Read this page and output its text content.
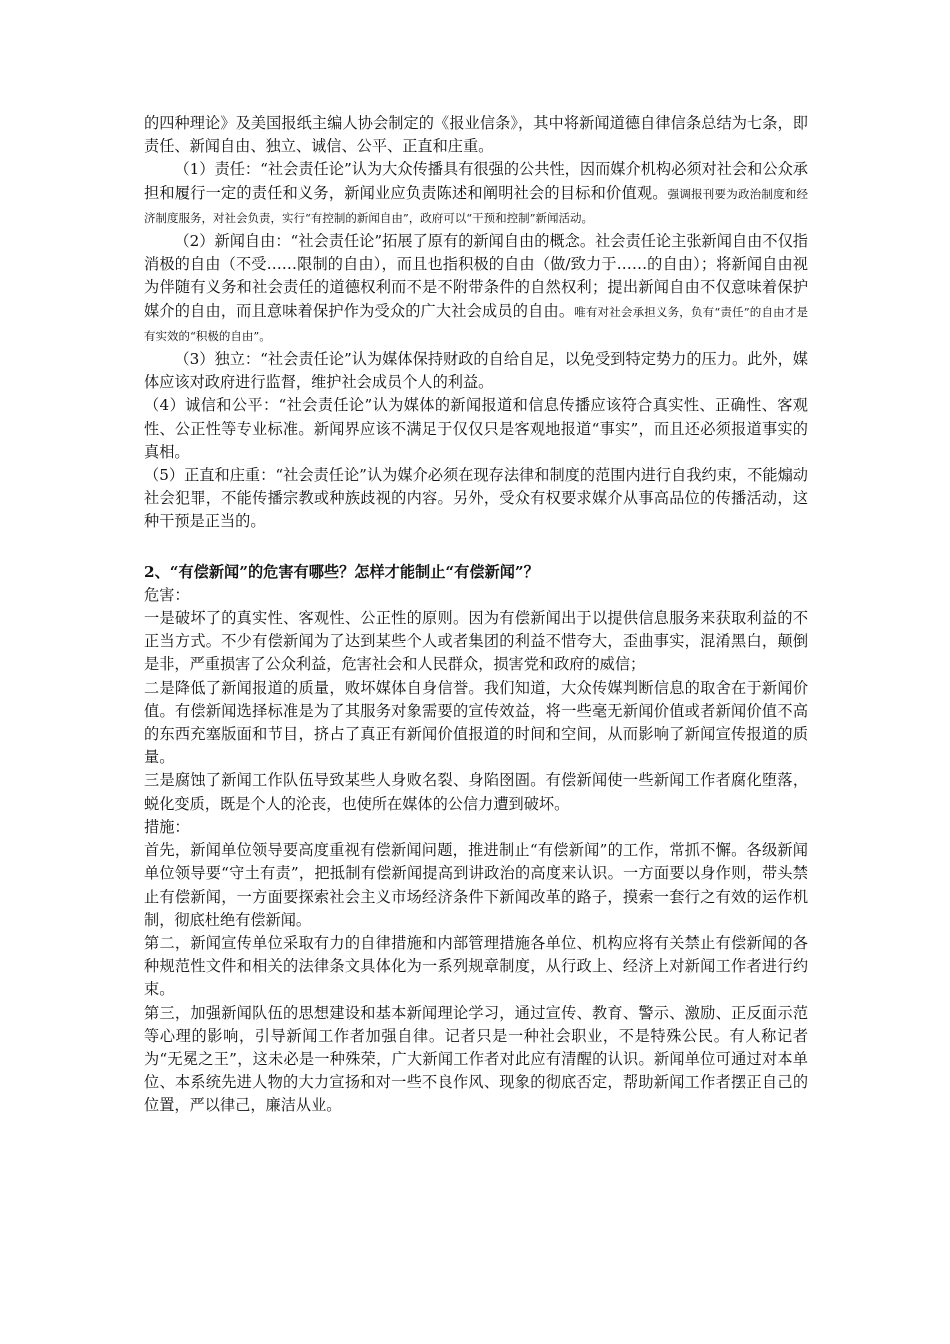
的四种理论》及美国报纸主编人协会制定的《报业信条》，其中将新闻道德自律信条总结为七条，即责任、新闻自由、独立、诚信、公平、正直和庄重。

（1）责任：“社会责任论”认为大众传播具有很强的公共性，因而媒介机构必须对社会和公众承担和履行一定的责任和义务，新闻业应负责陈述和阐明社会的目标和价值观。强调报刊要为政治制度和经济制度服务，对社会负责，实行“有控制的新闻自由”，政府可以“干预和控制”新闻活动。

（2）新闻自由：“社会责任论”拓展了原有的新闻自由的概念。社会责任论主张新闻自由不仅指消极的自由（不受……限制的自由），而且也指积极的自由（做/致力于……的自由）；将新闻自由视为伴随有义务和社会责任的道德权利而不是不附带条件的自然权利；提出新闻自由不仅意味着保护媒介的自由，而且意味着保护作为受众的广大社会成员的自由。唯有对社会承担义务，负有“责任”的自由才是有实效的“积极的自由”。

（3）独立：“社会责任论”认为媒体保持财政的自给自足，以免受到特定势力的压力。此外，媒体应该对政府进行监督，维护社会成员个人的利益。

（4）诚信和公平：“社会责任论”认为媒体的新闻报道和信息传播应该符合真实性、正确性、客观性、公正性等专业标准。新闻界应该不满足于仅仅只是客观地报道“事实”，而且还必须报道事实的真相。

（5）正直和庄重：“社会责任论”认为媒介必须在现存法律和制度的范围内进行自我约束，不能煽动社会犯罪，不能传播宗教或种族歧视的内容。另外，受众有权要求媒介从事高品位的传播活动，这种干预是正当的。

2、“有偿新闻”的危害有哪些？怎样才能制止“有偿新闻”？

危害：

一是破坏了的真实性、客观性、公正性的原则。因为有偿新闻出于以提供信息服务来获取利益的不正当方式。不少有偿新闻为了达到某些个人或者集团的利益不惜夸大，歪曲事实，混淆黑白，颠倒是非，严重损害了公众利益，危害社会和人民群众，损害党和政府的威信；

二是降低了新闻报道的质量，败坏媒体自身信誉。我们知道，大众传媒判断信息的取舍在于新闻价值。有偿新闻选择标准是为了其服务对象需要的宣传效益，将一些毫无新闻价值或者新闻价值不高的东西充塞版面和节目，挤占了真正有新闻价值报道的时间和空间，从而影响了新闻宣传报道的质量。

三是腐蚀了新闻工作队伍导致某些人身败名裂、身陷囹圄。有偿新闻使一些新闻工作者腐化堕落，蜕化变质，既是个人的沦丧，也使所在媒体的公信力遭到破坏。

措施：

首先，新闻单位领导要高度重视有偿新闻问题，推进制止“有偿新闻”的工作，常抓不懈。各级新闻单位领导要“守土有责”，把抵制有偿新闻提高到讲政治的高度来认识。一方面要以身作则，带头禁止有偿新闻，一方面要探索社会主义市场经济条件下新闻改革的路子，摸索一套行之有效的运作机制，彻底杜绝有偿新闻。

第二，新闻宣传单位采取有力的自律措施和内部管理措施各单位、机构应将有关禁止有偿新闻的各种规范性文件和相关的法律条文具体化为一系列规章制度，从行政上、经济上对新闻工作者进行约束。

第三，加强新闻队伍的思想建设和基本新闻理论学习，通过宣传、教育、警示、激励、正反面示范等心理的影响，引导新闻工作者加强自律。记者只是一种社会职业，不是特殊公民。有人称记者为“无冕之王”，这未必是一种殊荣，广大新闻工作者对此应有清醒的认识。新闻单位可通过对本单位、本系统先进人物的大力宣扬和对一些不良作风、现象的彻底否定，帮助新闻工作者摆正自己的位置，严以律己，廉洁从业。
